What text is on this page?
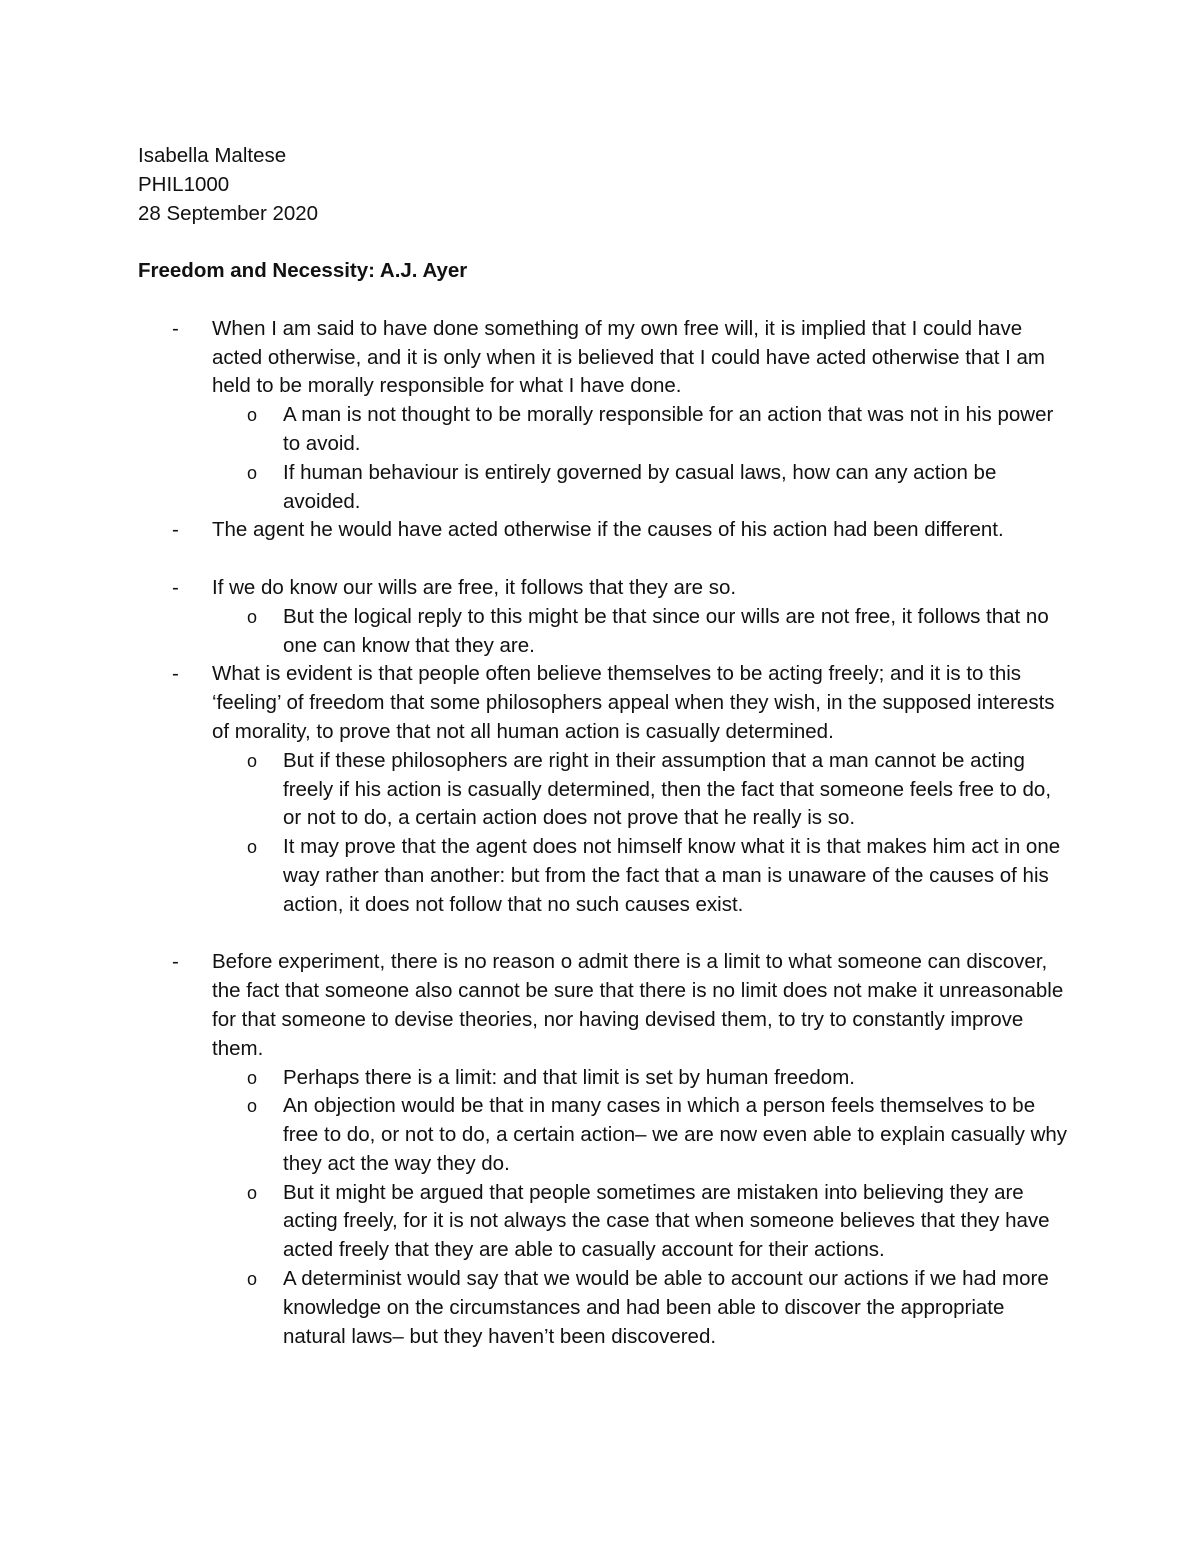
Isabella Maltese

PHIL1000

28 September 2020

Freedom and Necessity: A.J. Ayer

- When I am said to have done something of my own free will, it is implied that I could have acted otherwise, and it is only when it is believed that I could have acted otherwise that I am held to be morally responsible for what I have done.
o A man is not thought to be morally responsible for an action that was not in his power to avoid.
o If human behaviour is entirely governed by casual laws, how can any action be avoided.
- The agent he would have acted otherwise if the causes of his action had been different.
- If we do know our wills are free, it follows that they are so.
o But the logical reply to this might be that since our wills are not free, it follows that no one can know that they are.
- What is evident is that people often believe themselves to be acting freely; and it is to this ‘feeling’ of freedom that some philosophers appeal when they wish, in the supposed interests of morality, to prove that not all human action is casually determined.
o But if these philosophers are right in their assumption that a man cannot be acting freely if his action is casually determined, then the fact that someone feels free to do, or not to do, a certain action does not prove that he really is so.
o It may prove that the agent does not himself know what it is that makes him act in one way rather than another: but from the fact that a man is unaware of the causes of his action, it does not follow that no such causes exist.
- Before experiment, there is no reason o admit there is a limit to what someone can discover, the fact that someone also cannot be sure that there is no limit does not make it unreasonable for that someone to devise theories, nor having devised them, to try to constantly improve them.
o Perhaps there is a limit: and that limit is set by human freedom.
o An objection would be that in many cases in which a person feels themselves to be free to do, or not to do, a certain action– we are now even able to explain casually why they act the way they do.
o But it might be argued that people sometimes are mistaken into believing they are acting freely, for it is not always the case that when someone believes that they have acted freely that they are able to casually account for their actions.
o A determinist would say that we would be able to account our actions if we had more knowledge on the circumstances and had been able to discover the appropriate natural laws– but they haven’t been discovered.
